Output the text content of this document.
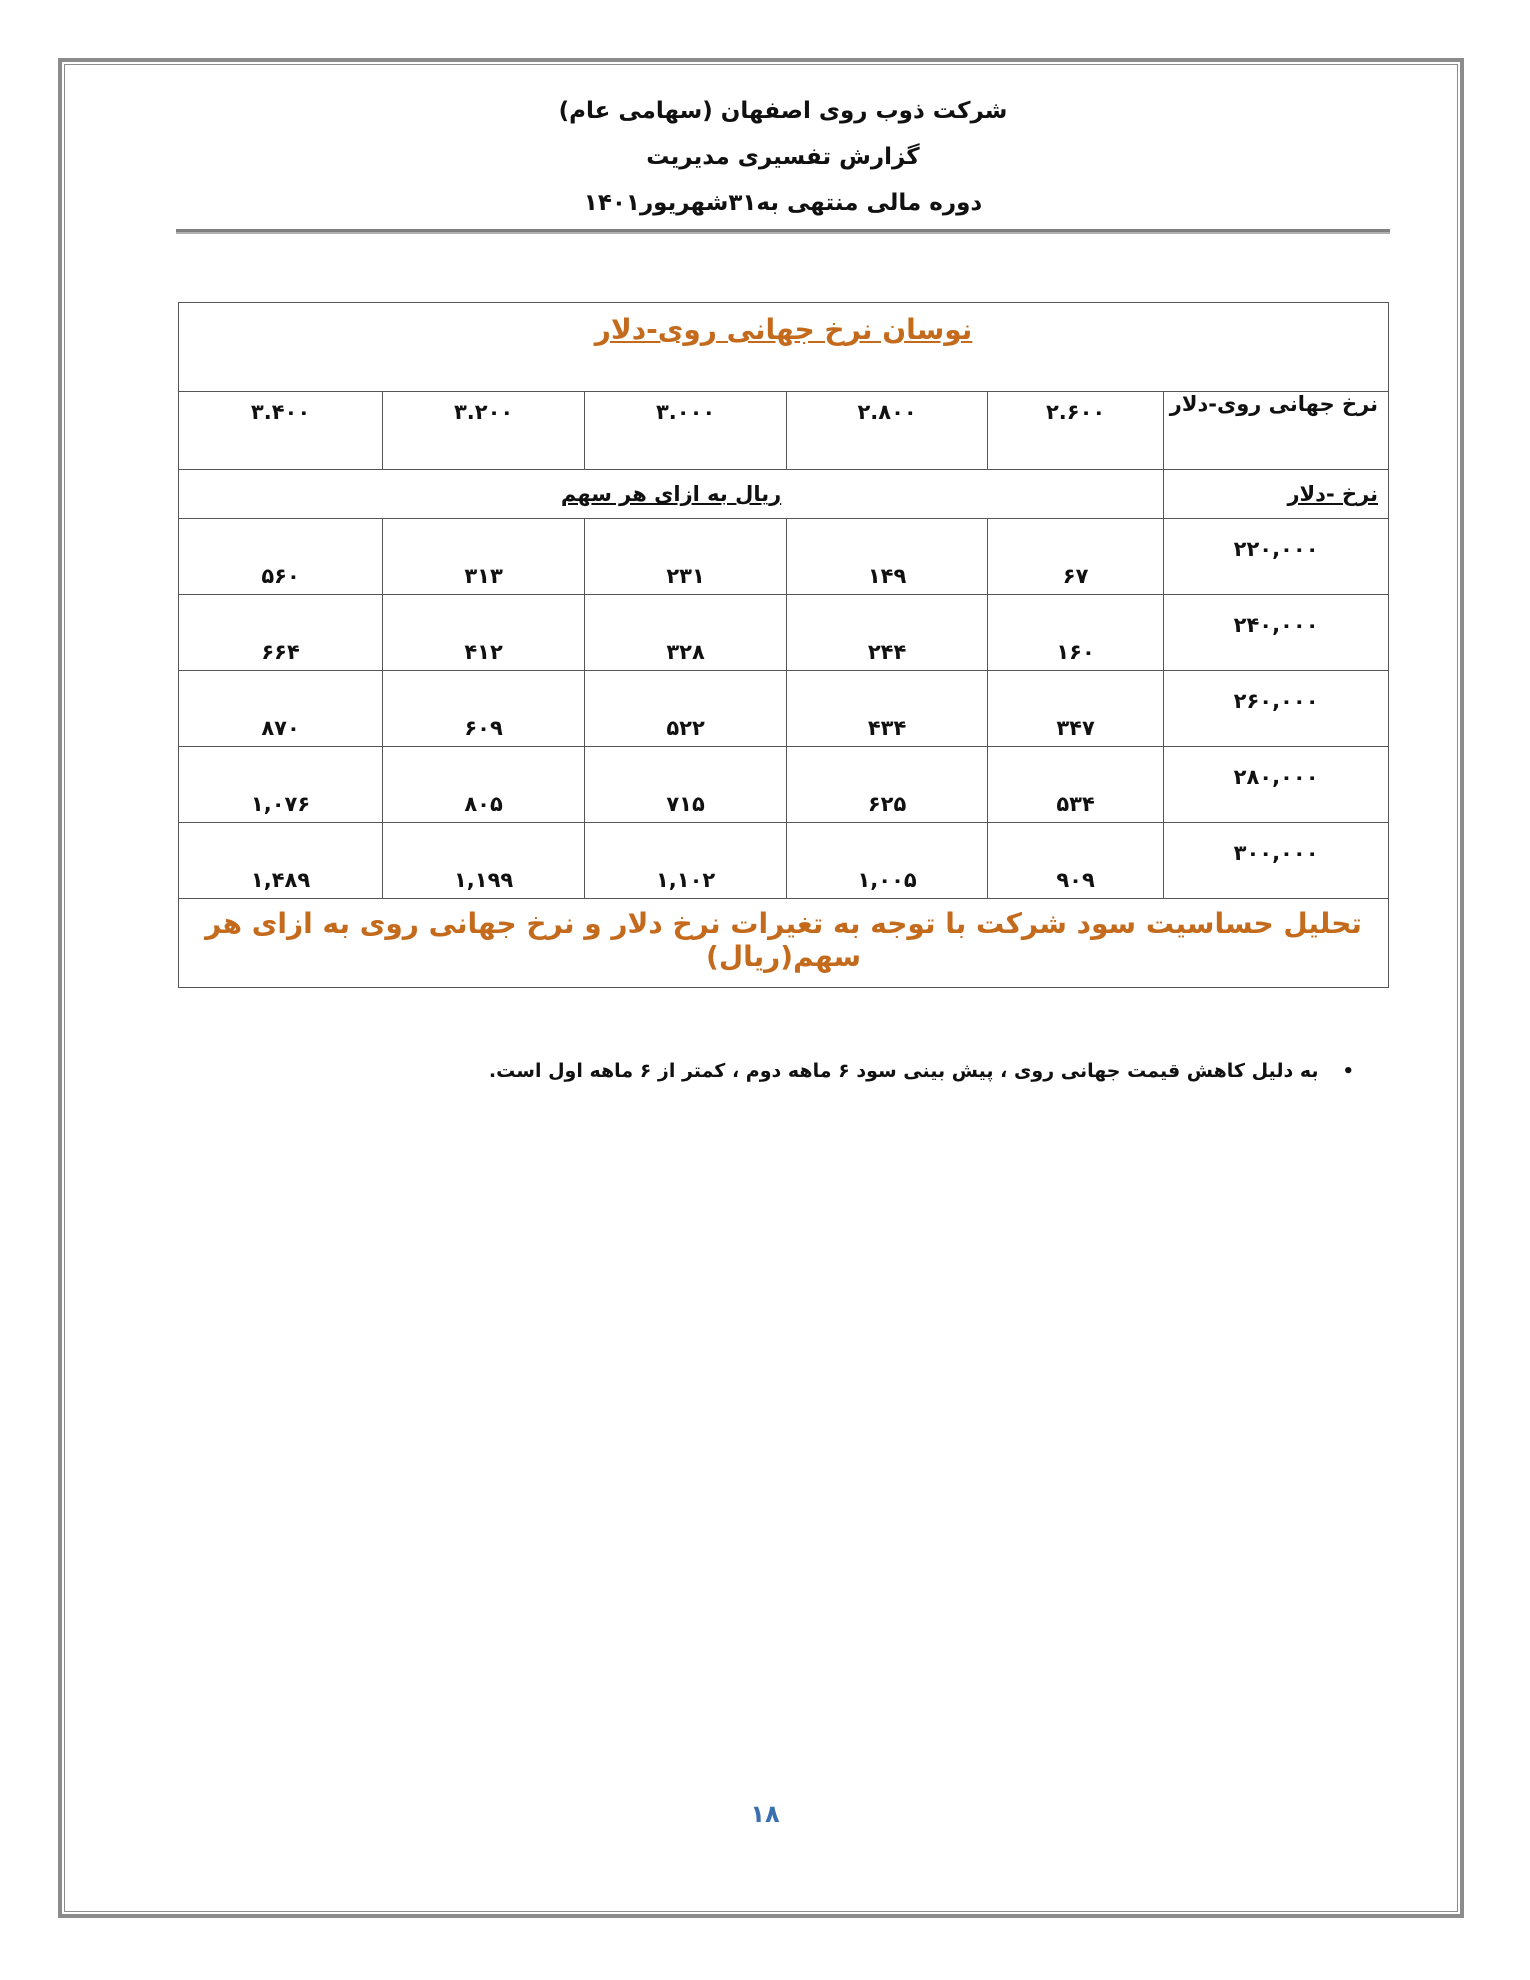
شرکت ذوب روی اصفهان (سهامی عام)
گزارش تفسیری مدیریت
دوره مالی منتهی به۳۱شهریور۱۴۰۱
نوسان نرخ جهانی روی-دلار					
نرخ جهانی روی-دلار	۲.۶۰۰	۲.۸۰۰	۳.۰۰۰	۳.۲۰۰	۳.۴۰۰
نرخ -دلار	ریال به ازای هر سهم				
۲۲۰,۰۰۰	۶۷	۱۴۹	۲۳۱	۳۱۳	۵۶۰
۲۴۰,۰۰۰	۱۶۰	۲۴۴	۳۲۸	۴۱۲	۶۶۴
۲۶۰,۰۰۰	۳۴۷	۴۳۴	۵۲۲	۶۰۹	۸۷۰
۲۸۰,۰۰۰	۵۳۴	۶۲۵	۷۱۵	۸۰۵	۱,۰۷۶
۳۰۰,۰۰۰	۹۰۹	۱,۰۰۵	۱,۱۰۲	۱,۱۹۹	۱,۴۸۹
تحلیل حساسیت سود شرکت با توجه به تغیرات نرخ دلار و نرخ جهانی روی به ازای هر سهم(ریال)					
•به دلیل کاهش قیمت جهانی روی ، پیش بینی سود ۶ ماهه دوم ، کمتر از ۶ ماهه اول است.
۱۸
